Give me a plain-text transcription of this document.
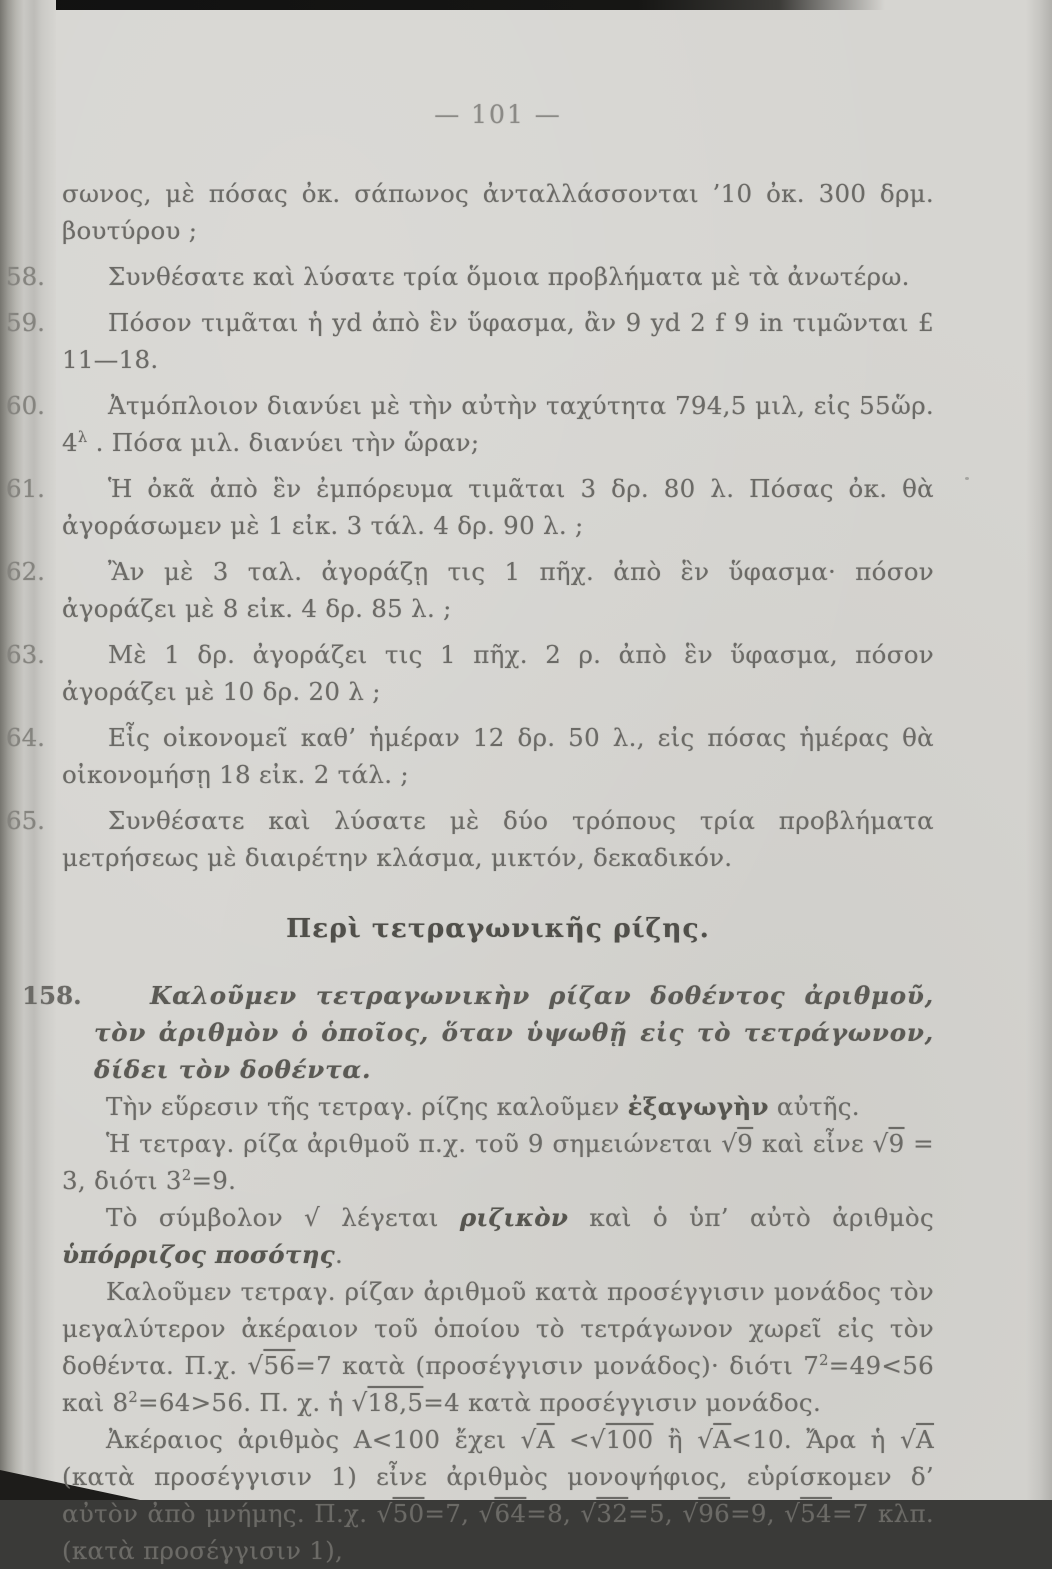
— 101 —

σωνος, μὲ πόσας ὀκ. σάπωνος ἀνταλλάσσονται ’10 ὀκ. 300 δρμ. βουτύρου ;

58.	Συνθέσατε καὶ λύσατε τρία ὅμοια προβλήματα μὲ τὰ ἀνωτέρω.

59.	Πόσον τιμᾶται ἡ yd ἀπὸ ἓν ὕφασμα, ἂν 9 yd 2 f 9 in τιμῶνται £ 11—18.

60.	Ἀτμόπλοιον διανύει μὲ τὴν αὐτὴν ταχύτητα 794,5 μιλ, εἰς 55ὥρ. $4^\lambda$ . Πόσα μιλ. διανύει τὴν ὥραν;

61.	Ἡ ὀκᾶ ἀπὸ ἓν ἐμπόρευμα τιμᾶται 3 δρ. 80 λ. Πόσας ὀκ. θὰ ἀγοράσωμεν μὲ 1 εἰκ. 3 τάλ. 4 δρ. 90 λ. ;

62.	Ἂν μὲ 3 ταλ. ἀγοράζῃ τις 1 πῆχ. ἀπὸ ἓν ὕφασμα· πόσον ἀγοράζει μὲ 8 εἰκ. 4 δρ. 85 λ. ;

63.	Μὲ 1 δρ. ἀγοράζει τις 1 πῆχ. 2 ρ. ἀπὸ ἓν ὕφασμα, πόσον ἀγοράζει μὲ 10 δρ. 20 λ ;

64.	Εἷς οἰκονομεῖ καθ’ ἡμέραν 12 δρ. 50 λ., εἰς πόσας ἡμέρας θὰ οἰκονομήσῃ 18 εἰκ. 2 τάλ. ;

65.	Συνθέσατε καὶ λύσατε μὲ δύο τρόπους τρία προβλήματα μετρήσεως μὲ διαιρέτην κλάσμα, μικτόν, δεκαδικόν.

Περὶ τετραγωνικῆς ρίζης.

158.	Καλοῦμεν τετραγωνικὴν ρίζαν δοθέντος ἀριθμοῦ, τὸν ἀριθμὸν ὁ ὁποῖος, ὅταν ὑψωθῇ εἰς τὸ τετράγωνον, δίδει τὸν δοθέντα.

Τὴν εὕρεσιν τῆς τετραγ. ρίζης καλοῦμεν ἐξαγωγὴν αὐτῆς.

Ἡ τετραγ. ρίζα ἀριθμοῦ π.χ. τοῦ 9 σημειώνεται √9 καὶ εἶνε √9 = 3, διότι $3^2=9$.

Τὸ σύμβολον √ λέγεται ριζικὸν καὶ ὁ ὑπ’ αὐτὸ ἀριθμὸς ὑπόρριζος ποσότης.

Καλοῦμεν τετραγ. ρίζαν ἀριθμοῦ κατὰ προσέγγισιν μονάδος τὸν μεγαλύτερον ἀκέραιον τοῦ ὁποίου τὸ τετράγωνον χωρεῖ εἰς τὸν δοθέντα. Π.χ. √56=7 κατὰ (προσέγγισιν μονάδος)· διότι $7^2=49<56$ καὶ $8^2=64>56$. Π. χ. ἡ √18,5=4 κατὰ προσέγγισιν μονάδος.

Ἀκέραιος ἀριθμὸς Α<100 ἔχει √Α <√100 ἢ √Α<10. Ἄρα ἡ √Α (κατὰ προσέγγισιν 1) εἶνε ἀριθμὸς μονοψήφιος, εὑρίσκομεν δ’ αὐτὸν ἀπὸ μνήμης. Π.χ. √50=7, √64=8, √32=5, √96=9, √54=7 κλπ. (κατὰ προσέγγισιν 1),
